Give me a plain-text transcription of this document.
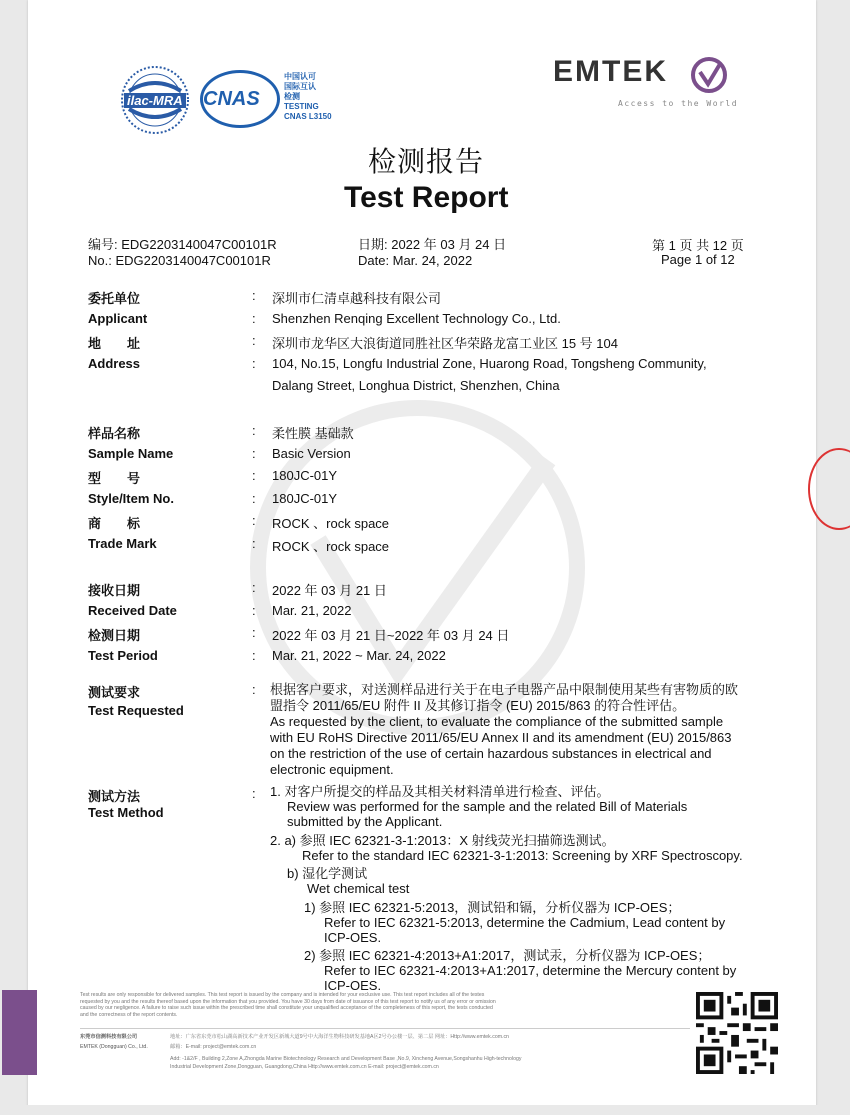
ilac-MRA CNAS
中国认可
国际互认
检测
TESTING
CNAS L3150
EMTEK
Access to the World
检测报告
Test Report
编号: EDG2203140047C00101R
No.: EDG2203140047C00101R
日期: 2022 年 03 月 24 日
Date: Mar. 24, 2022
第 1 页 共 12 页
Page 1 of 12
委托单位	: 深圳市仁清卓越科技有限公司
Applicant	: Shenzhen Renqing Excellent Technology Co., Ltd.
地　　址	: 深圳市龙华区大浪街道同胜社区华荣路龙富工业区 15 号 104
Address	: 104, No.15, Longfu Industrial Zone, Huarong Road, Tongsheng Community,
Dalang Street, Longhua District, Shenzhen, China
样品名称	: 柔性膜 基础款
Sample Name	: Basic Version
型　　号	: 180JC-01Y
Style/Item No.	: 180JC-01Y
商　　标	: ROCK 、rock space
Trade Mark	: ROCK 、rock space
接收日期	: 2022 年 03 月 21 日
Received Date	: Mar. 21, 2022
检测日期	: 2022 年 03 月 21 日~2022 年 03 月 24 日
Test Period	: Mar. 21, 2022 ~ Mar. 24, 2022
测试要求
Test Requested
: 根据客户要求，对送测样品进行关于在电子电器产品中限制使用某些有害物质的欧
盟指令 2011/65/EU 附件 II 及其修订指令 (EU) 2015/863 的符合性评估。
As requested by the client, to evaluate the compliance of the submitted sample
with EU RoHS Directive 2011/65/EU Annex II and its amendment (EU) 2015/863
on the restriction of the use of certain hazardous substances in electrical and
electronic equipment.
测试方法
Test Method
: 1. 对客户所提交的样品及其相关材料清单进行检查、评估。
Review was performed for the sample and the related Bill of Materials
submitted by the Applicant.
2. a) 参照 IEC 62321-3-1:2013：X 射线荧光扫描筛选测试。
Refer to the standard IEC 62321-3-1:2013: Screening by XRF Spectroscopy.
b) 湿化学测试
Wet chemical test
1) 参照 IEC 62321-5:2013，测试铅和镉，分析仪器为 ICP-OES；
Refer to IEC 62321-5:2013, determine the Cadmium, Lead content by
ICP-OES.
2) 参照 IEC 62321-4:2013+A1:2017，测试汞，分析仪器为 ICP-OES；
Refer to IEC 62321-4:2013+A1:2017, determine the Mercury content by
ICP-OES.
Test results are only responsible for delivered samples. This test report is issued by the company and is intended for your exclusive use. This test report includes all of the testes
requested by you and the results thereof based upon the information that you provided. You have 30 days from date of issuance of this test report to notify us of any error or omission
caused by our negligence. A failure to raise such issue within the prescribed time shall constitute your unqualified acceptance of the completeness of this report, the tests conducted
and the correctness of the report contents.
东莞市信测科技有限公司
EMTEK (Dongguan) Co., Ltd.
地址：广东省东莞市松山湖高新技术产业开发区新城大道9号中大海洋生物科技研发基地A区2号办公楼一层、第二层 网址：Http://www.emtek.com.cn
邮箱：E-mail: project@emtek.com.cn
Add: -1&2/F , Building 2,Zone A,Zhongda Marine Biotechnology Research and Development Base ,No.9, Xincheng Avenue,Songshanhu High-technology
Industrial Development Zone,Dongguan, Guangdong,China Http://www.emtek.com.cn E-mail: project@emtek.com.cn
